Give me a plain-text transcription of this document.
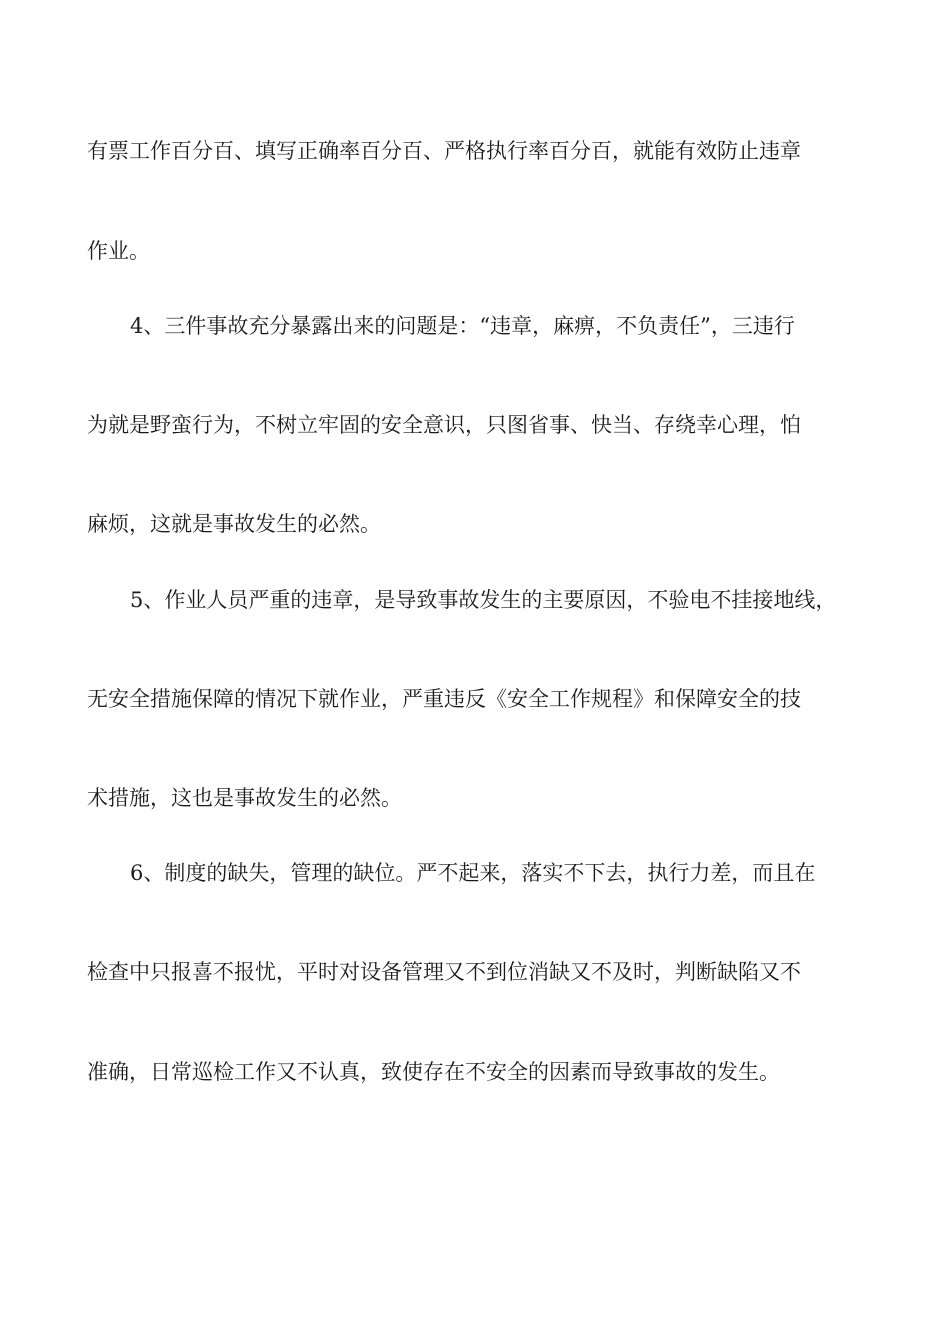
有票工作百分百、填写正确率百分百、严格执行率百分百，就能有效防止违章
作业。
4、三件事故充分暴露出来的问题是：“违章，麻痹，不负责任”，三违行
为就是野蛮行为，不树立牢固的安全意识，只图省事、快当、存绕幸心理，怕
麻烦，这就是事故发生的必然。
5、作业人员严重的违章，是导致事故发生的主要原因，不验电不挂接地线，
无安全措施保障的情况下就作业，严重违反《安全工作规程》和保障安全的技
术措施，这也是事故发生的必然。
6、制度的缺失，管理的缺位。严不起来，落实不下去，执行力差，而且在
检查中只报喜不报忧，平时对设备管理又不到位消缺又不及时，判断缺陷又不
准确，日常巡检工作又不认真，致使存在不安全的因素而导致事故的发生。
